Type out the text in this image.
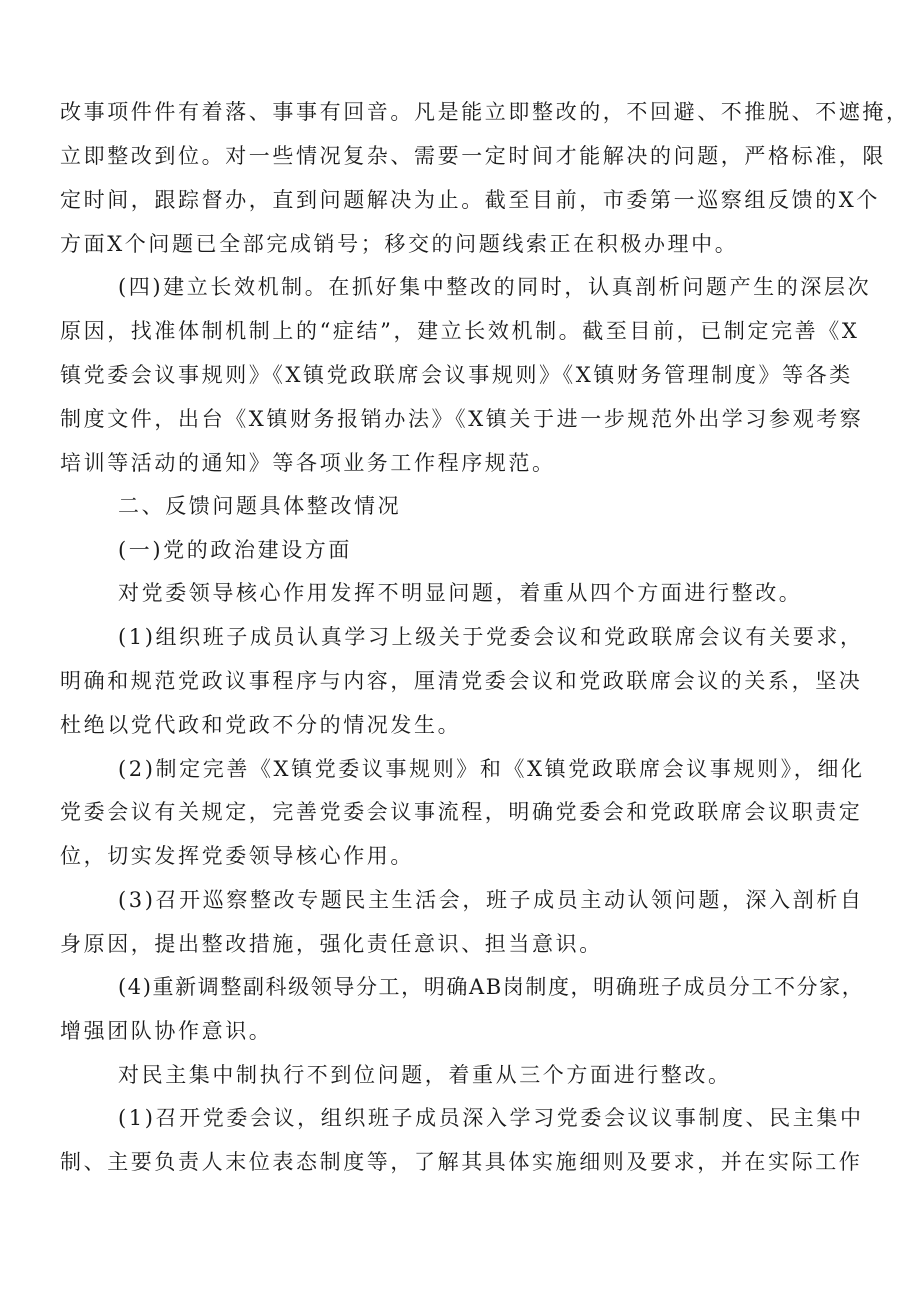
改事项件件有着落、事事有回音。凡是能立即整改的，不回避、不推脱、不遮掩，
立即整改到位。对一些情况复杂、需要一定时间才能解决的问题，严格标准，限
定时间，跟踪督办，直到问题解决为止。截至目前，市委第一巡察组反馈的X个
方面X个问题已全部完成销号；移交的问题线索正在积极办理中。
(四)建立长效机制。在抓好集中整改的同时，认真剖析问题产生的深层次
原因，找准体制机制上的“症结”，建立长效机制。截至目前，已制定完善《X
镇党委会议事规则》《X镇党政联席会议事规则》《X镇财务管理制度》等各类
制度文件，出台《X镇财务报销办法》《X镇关于进一步规范外出学习参观考察
培训等活动的通知》等各项业务工作程序规范。
二、反馈问题具体整改情况
(一)党的政治建设方面
对党委领导核心作用发挥不明显问题，着重从四个方面进行整改。
(1)组织班子成员认真学习上级关于党委会议和党政联席会议有关要求，
明确和规范党政议事程序与内容，厘清党委会议和党政联席会议的关系，坚决
杜绝以党代政和党政不分的情况发生。
(2)制定完善《X镇党委议事规则》和《X镇党政联席会议事规则》，细化
党委会议有关规定，完善党委会议事流程，明确党委会和党政联席会议职责定
位，切实发挥党委领导核心作用。
(3)召开巡察整改专题民主生活会，班子成员主动认领问题，深入剖析自
身原因，提出整改措施，强化责任意识、担当意识。
(4)重新调整副科级领导分工，明确AB岗制度，明确班子成员分工不分家，
增强团队协作意识。
对民主集中制执行不到位问题，着重从三个方面进行整改。
(1)召开党委会议，组织班子成员深入学习党委会议议事制度、民主集中
制、主要负责人末位表态制度等，了解其具体实施细则及要求，并在实际工作
